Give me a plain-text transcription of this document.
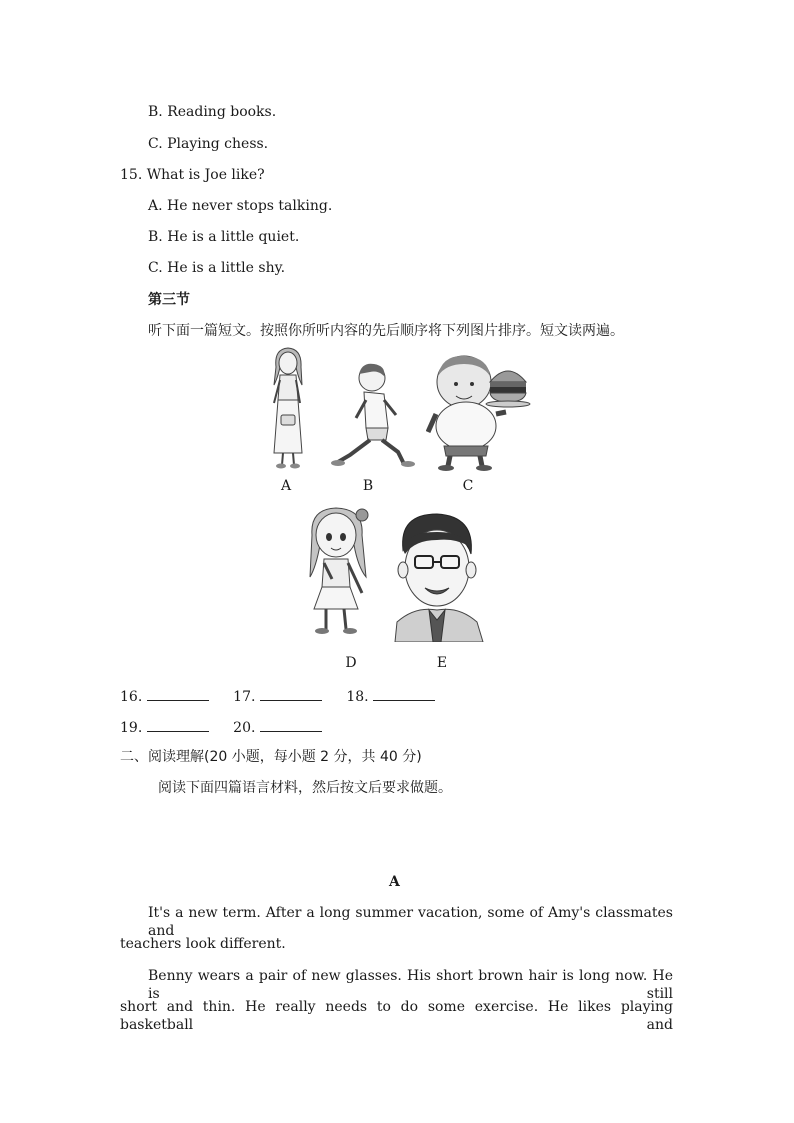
B. Reading books.
C. Playing chess.
15. What is Joe like?
A. He never stops talking.
B. He is a little quiet.
C. He is a little shy.
第三节
听下面一篇短文。按照你所听内容的先后顺序将下列图片排序。短文读两遍。
A	B	C
D	E
16.	17.	18.
19.	20.
二、阅读理解(20 小题，每小题 2 分，共 40 分)
阅读下面四篇语言材料，然后按文后要求做题。
A
It's a new term. After a long summer vacation, some of Amy's classmates and
teachers look different.
Benny wears a pair of new glasses. His short brown hair is long now. He is still
short and thin. He really needs to do some exercise. He likes playing basketball and
